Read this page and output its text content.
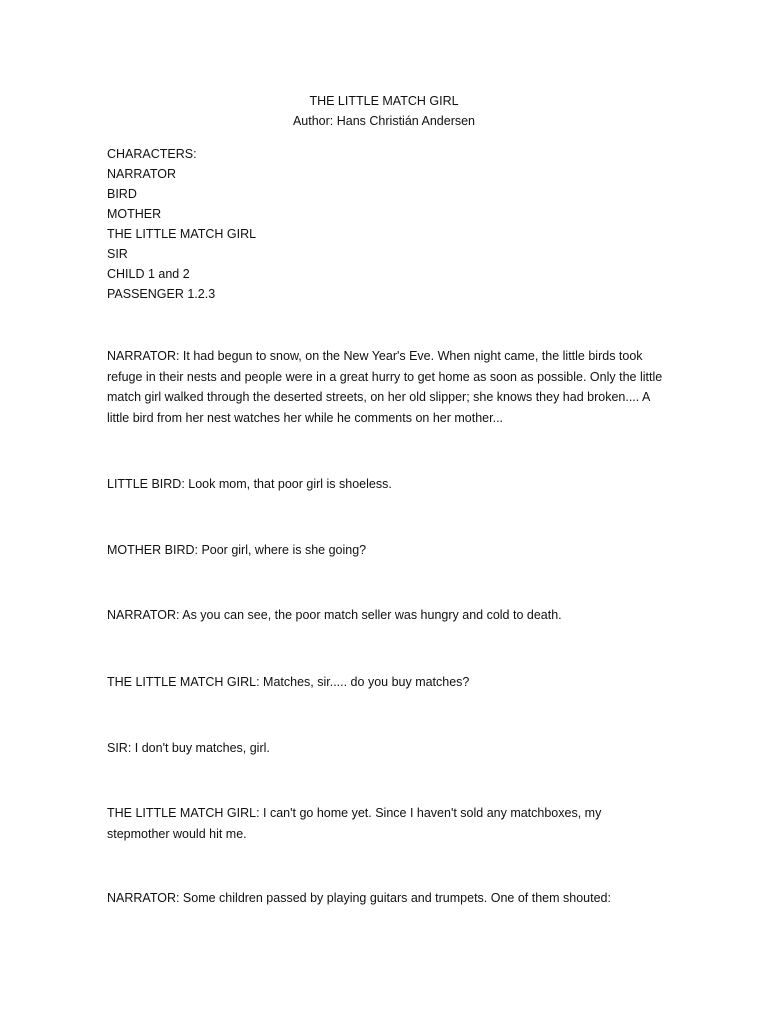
THE LITTLE MATCH GIRL
Author: Hans Christián Andersen
CHARACTERS:
NARRATOR
BIRD
MOTHER
THE LITTLE MATCH GIRL
SIR
CHILD 1 and 2
PASSENGER 1.2.3

NARRATOR: It had begun to snow, on the New Year's Eve. When night came, the little birds took refuge in their nests and people were in a great hurry to get home as soon as possible. Only the little match girl walked through the deserted streets, on her old slipper; she knows they had broken.... A little bird from her nest watches her while he comments on her mother...

LITTLE BIRD: Look mom, that poor girl is shoeless.

MOTHER BIRD: Poor girl, where is she going?

NARRATOR: As you can see, the poor match seller was hungry and cold to death.

THE LITTLE MATCH GIRL: Matches, sir..... do you buy matches?

SIR: I don't buy matches, girl.

THE LITTLE MATCH GIRL: I can't go home yet. Since I haven't sold any matchboxes, my stepmother would hit me.

NARRATOR: Some children passed by playing guitars and trumpets. One of them shouted:
